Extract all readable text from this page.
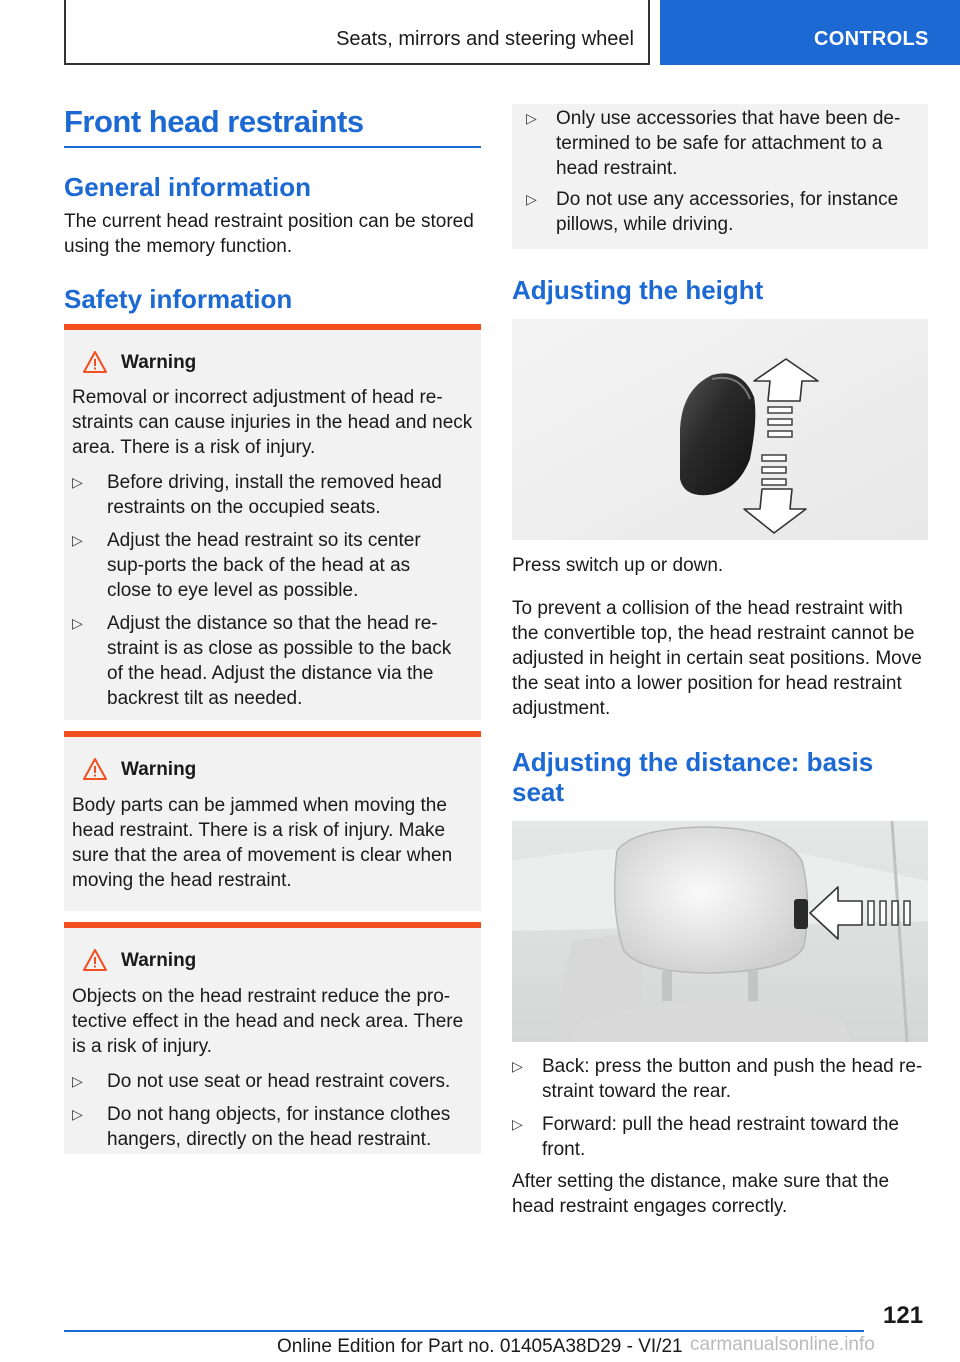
Seats, mirrors and steering wheel	CONTROLS
Front head restraints
General information
The current head restraint position can be stored using the memory function.
Safety information
Warning
Removal or incorrect adjustment of head re-straints can cause injuries in the head and neck area. There is a risk of injury.
▷ Before driving, install the removed head restraints on the occupied seats.
▷ Adjust the head restraint so its center sup-ports the back of the head at as close to eye level as possible.
▷ Adjust the distance so that the head re-straint is as close as possible to the back of the head. Adjust the distance via the backrest tilt as needed.
Warning
Body parts can be jammed when moving the head restraint. There is a risk of injury. Make sure that the area of movement is clear when moving the head restraint.
Warning
Objects on the head restraint reduce the pro-tective effect in the head and neck area. There is a risk of injury.
▷ Do not use seat or head restraint covers.
▷ Do not hang objects, for instance clothes hangers, directly on the head restraint.
▷ Only use accessories that have been de-termined to be safe for attachment to a head restraint.
▷ Do not use any accessories, for instance pillows, while driving.
Adjusting the height
Press switch up or down.
To prevent a collision of the head restraint with the convertible top, the head restraint cannot be adjusted in height in certain seat positions. Move the seat into a lower position for head restraint adjustment.
Adjusting the distance: basis
seat
▷ Back: press the button and push the head re-straint toward the rear.
▷ Forward: pull the head restraint toward the front.
After setting the distance, make sure that the head restraint engages correctly.
121
Online Edition for Part no. 01405A38D29 - VI/21 carmanualsonline.info
